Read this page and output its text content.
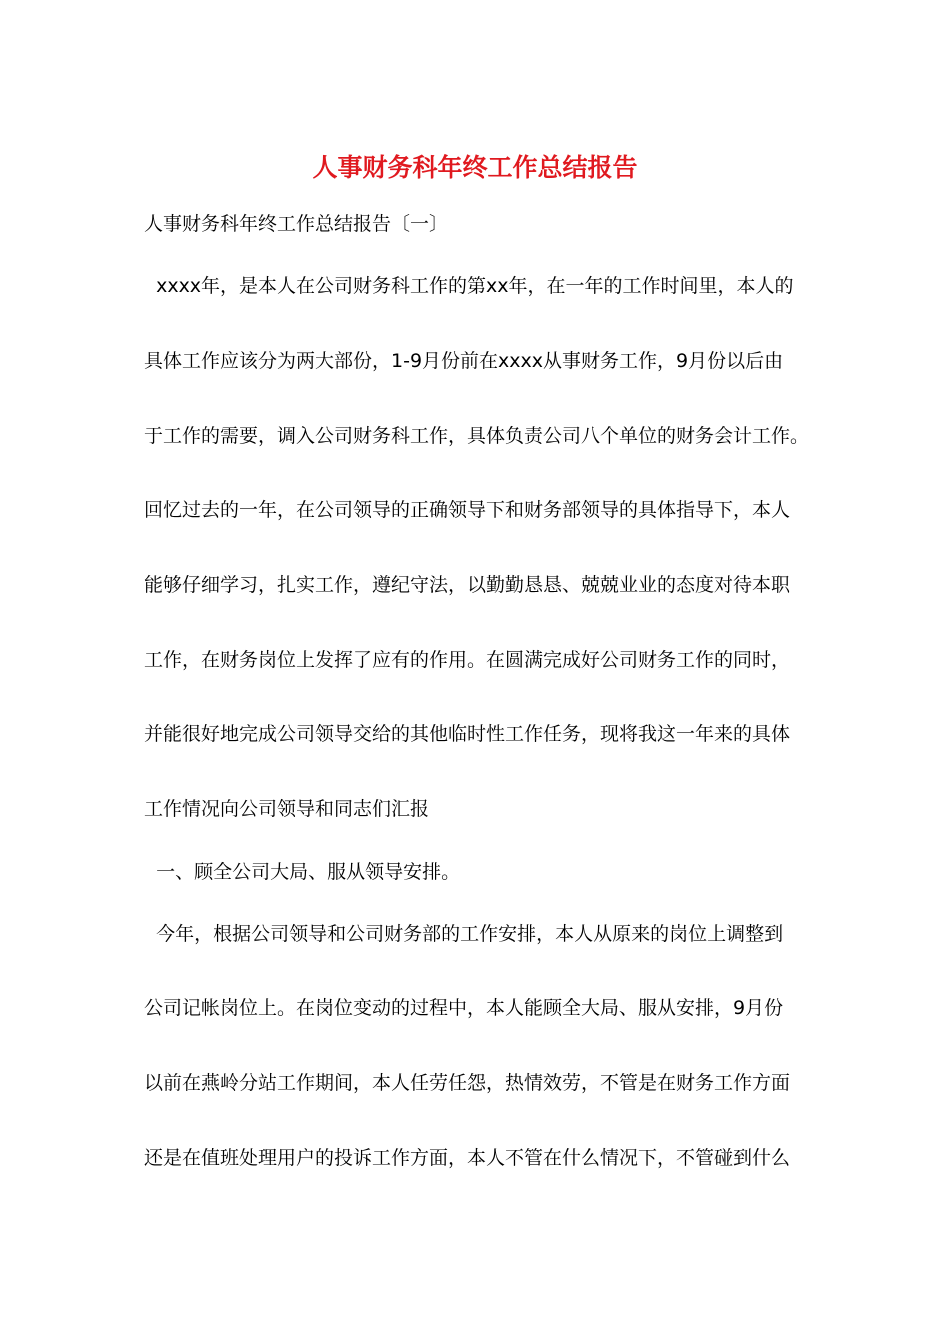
人事财务科年终工作总结报告

人事财务科年终工作总结报告〔一〕

xxxx年，是本人在公司财务科工作的第xx年，在一年的工作时间里，本人的

具体工作应该分为两大部份，1-9月份前在xxxx从事财务工作，9月份以后由

于工作的需要，调入公司财务科工作，具体负责公司八个单位的财务会计工作。

回忆过去的一年，在公司领导的正确领导下和财务部领导的具体指导下，本人

能够仔细学习，扎实工作，遵纪守法，以勤勤恳恳、兢兢业业的态度对待本职

工作，在财务岗位上发挥了应有的作用。在圆满完成好公司财务工作的同时，

并能很好地完成公司领导交给的其他临时性工作任务，现将我这一年来的具体

工作情况向公司领导和同志们汇报

一、顾全公司大局、服从领导安排。

今年，根据公司领导和公司财务部的工作安排，本人从原来的岗位上调整到

公司记帐岗位上。在岗位变动的过程中，本人能顾全大局、服从安排，9月份

以前在燕岭分站工作期间，本人任劳任怨，热情效劳，不管是在财务工作方面

还是在值班处理用户的投诉工作方面，本人不管在什么情况下，不管碰到什么
